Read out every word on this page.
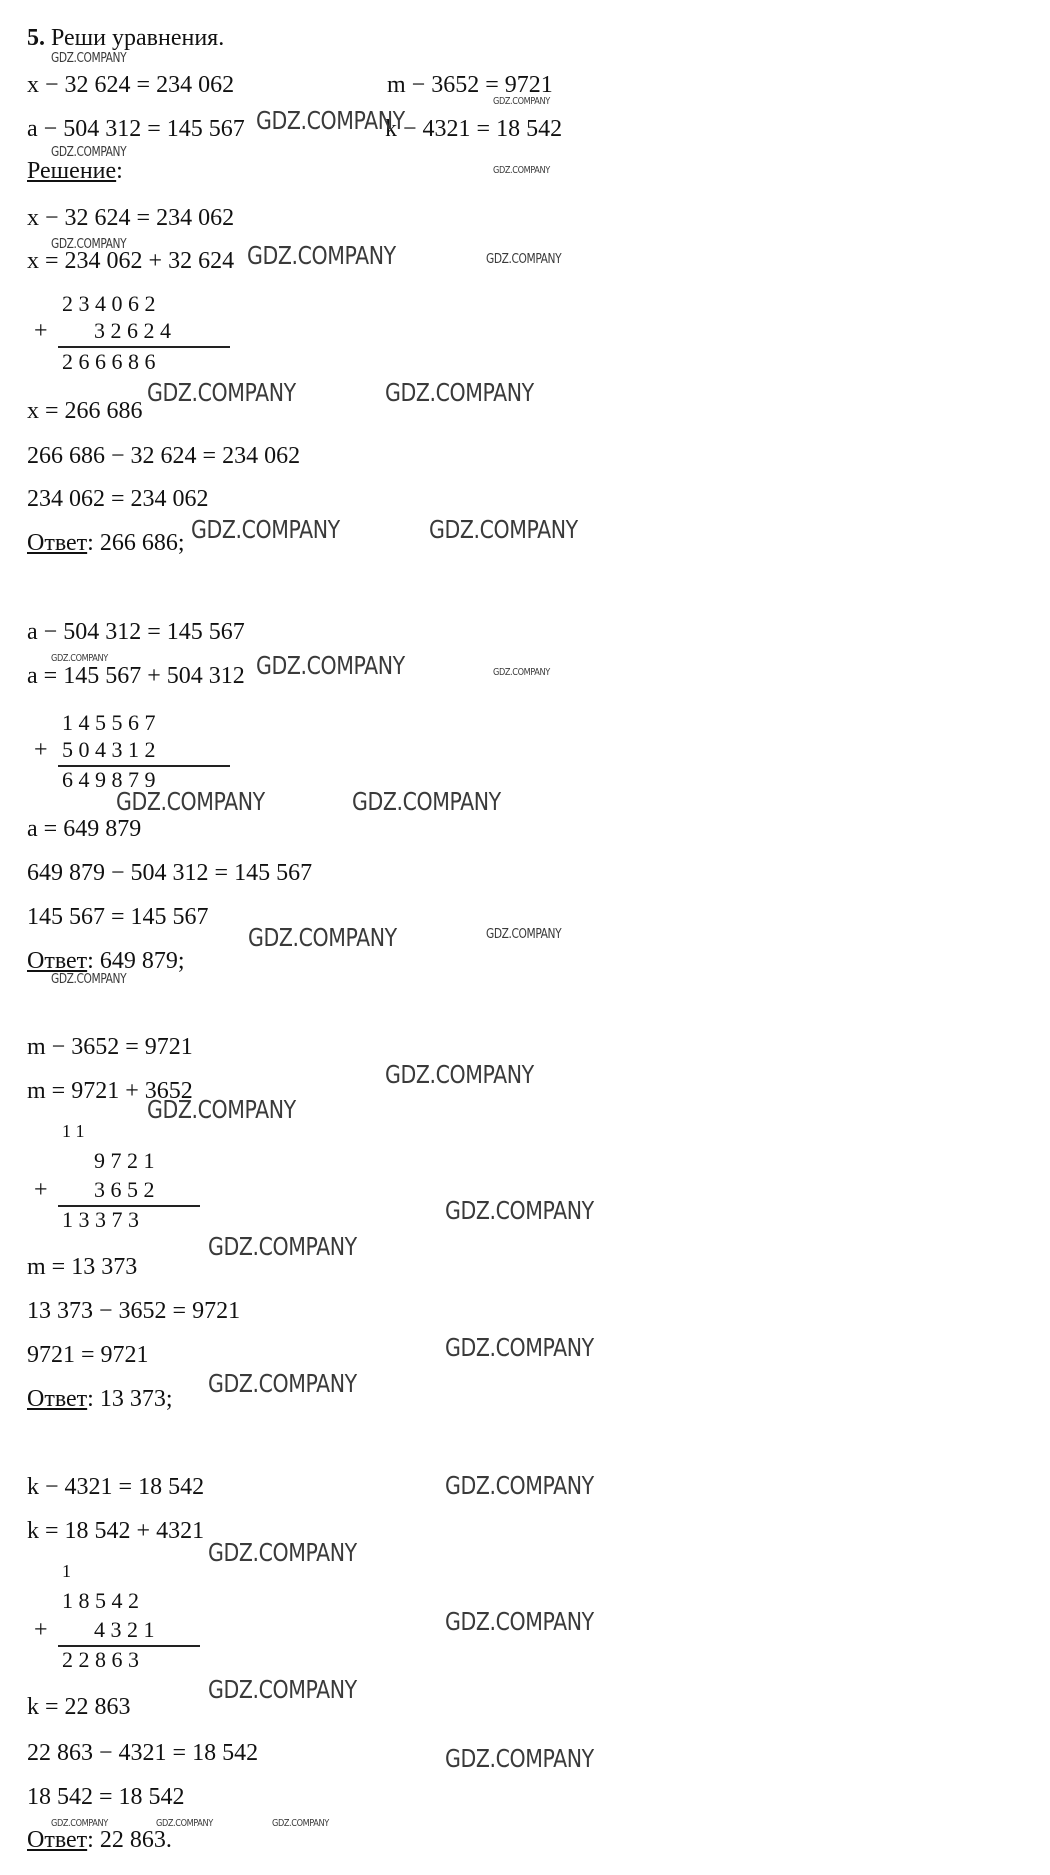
5. Реши уравнения.
x − 32 624 = 234 062	m − 3652 = 9721
a − 504 312 = 145 567	k − 4321 = 18 542
Решение:
x − 32 624 = 234 062
x = 234 062 + 32 624
2 3 4 0 6 2
+ 3 2 6 2 4
2 6 6 6 8 6
x = 266 686
266 686 − 32 624 = 234 062
234 062 = 234 062
Ответ: 266 686;
a − 504 312 = 145 567
a = 145 567 + 504 312
1 4 5 5 6 7
+ 5 0 4 3 1 2
6 4 9 8 7 9
a = 649 879
649 879 − 504 312 = 145 567
145 567 = 145 567
Ответ: 649 879;
m − 3652 = 9721
m = 9721 + 3652
1 1
9 7 2 1
+ 3 6 5 2
1 3 3 7 3
m = 13 373
13 373 − 3652 = 9721
9721 = 9721
Ответ: 13 373;
k − 4321 = 18 542
k = 18 542 + 4321
1
1 8 5 4 2
+ 4 3 2 1
2 2 8 6 3
k = 22 863
22 863 − 4321 = 18 542
18 542 = 18 542
Ответ: 22 863.
GDZ.COMPANY
GDZ.COMPANY
GDZ.COMPANY
GDZ.COMPANY
GDZ.COMPANY
GDZ.COMPANY	GDZ.COMPANY	GDZ.COMPANY
GDZ.COMPANY	GDZ.COMPANY
GDZ.COMPANY	GDZ.COMPANY
GDZ.COMPANY	GDZ.COMPANY	GDZ.COMPANY
GDZ.COMPANY	GDZ.COMPANY
GDZ.COMPANY	GDZ.COMPANY
GDZ.COMPANY
GDZ.COMPANY
GDZ.COMPANY
GDZ.COMPANY
GDZ.COMPANY
GDZ.COMPANY
GDZ.COMPANY
GDZ.COMPANY
GDZ.COMPANY
GDZ.COMPANY
GDZ.COMPANY
GDZ.COMPANY
GDZ.COMPANY	GDZ.COMPANY	GDZ.COMPANY
